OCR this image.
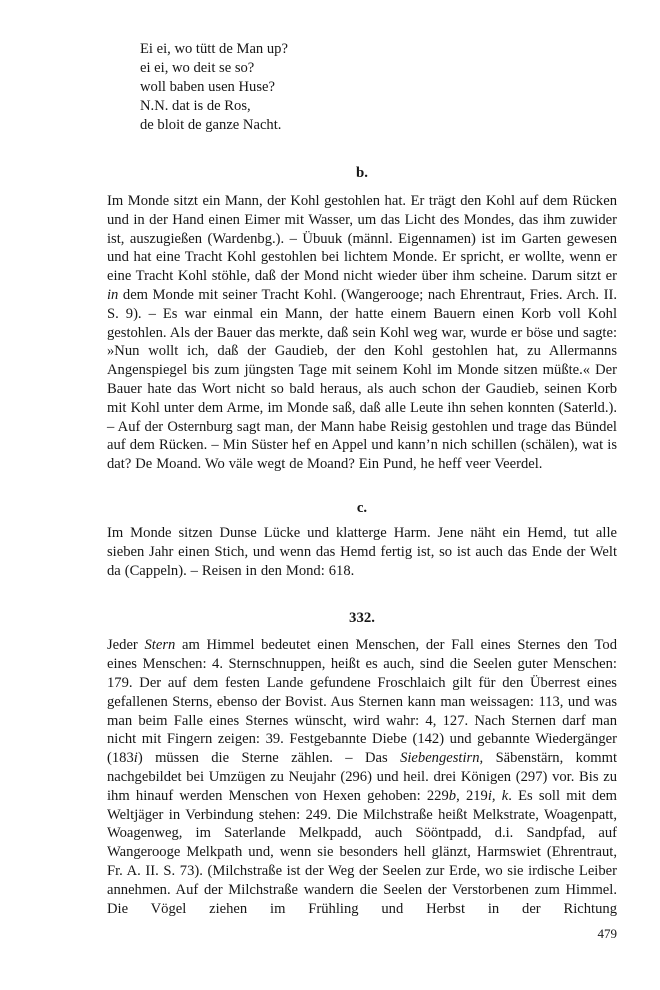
Ei ei, wo tütt de Man up?
ei ei, wo deit se so?
woll baben usen Huse?
N.N. dat is de Ros,
de bloit de ganze Nacht.
b.

Im Monde sitzt ein Mann, der Kohl gestohlen hat. Er trägt den Kohl auf dem Rücken und in der Hand einen Eimer mit Wasser, um das Licht des Mondes, das ihm zuwider ist, auszugießen (Wardenbg.). – Übuuk (männl. Eigennamen) ist im Garten gewesen und hat eine Tracht Kohl gestohlen bei lichtem Monde. Er spricht, er wollte, wenn er eine Tracht Kohl stöhle, daß der Mond nicht wieder über ihm scheine. Darum sitzt er in dem Monde mit seiner Tracht Kohl. (Wangerooge; nach Ehrentraut, Fries. Arch. II. S. 9). – Es war einmal ein Mann, der hatte einem Bauern einen Korb voll Kohl gestohlen. Als der Bauer das merkte, daß sein Kohl weg war, wurde er böse und sagte: »Nun wollt ich, daß der Gaudieb, der den Kohl gestohlen hat, zu Allermanns Angenspiegel bis zum jüngsten Tage mit seinem Kohl im Monde sitzen müßte.« Der Bauer hate das Wort nicht so bald heraus, als auch schon der Gaudieb, seinen Korb mit Kohl unter dem Arme, im Monde saß, daß alle Leute ihn sehen konnten (Saterld.). – Auf der Osternburg sagt man, der Mann habe Reisig gestohlen und trage das Bündel auf dem Rücken. – Min Süster hef en Appel und kann’n nich schillen (schälen), wat is dat? De Moand. Wo väle wegt de Moand? Ein Pund, he heff veer Veerdel.

c.

Im Monde sitzen Dunse Lücke und klatterge Harm. Jene näht ein Hemd, tut alle sieben Jahr einen Stich, und wenn das Hemd fertig ist, so ist auch das Ende der Welt da (Cappeln). – Reisen in den Mond: 618.

332.

Jeder Stern am Himmel bedeutet einen Menschen, der Fall eines Sternes den Tod eines Menschen: 4. Sternschnuppen, heißt es auch, sind die Seelen guter Menschen: 179. Der auf dem festen Lande gefundene Froschlaich gilt für den Überrest eines gefallenen Sterns, ebenso der Bovist. Aus Sternen kann man weissagen: 113, und was man beim Falle eines Sternes wünscht, wird wahr: 4, 127. Nach Sternen darf man nicht mit Fingern zeigen: 39. Festgebannte Diebe (142) und gebannte Wiedergänger (183i) müssen die Sterne zählen. – Das Siebengestirn, Säbenstärn, kommt nachgebildet bei Umzügen zu Neujahr (296) und heil. drei Königen (297) vor. Bis zu ihm hinauf werden Menschen von Hexen gehoben: 229b, 219i, k. Es soll mit dem Weltjäger in Verbindung stehen: 249. Die Milchstraße heißt Melkstrate, Woagenpatt, Woagenweg, im Saterlande Melkpadd, auch Sööntpadd, d.i. Sandpfad, auf Wangerooge Melkpath und, wenn sie besonders hell glänzt, Harmswiet (Ehrentraut, Fr. A. II. S. 73). (Milchstraße ist der Weg der Seelen zur Erde, wo sie irdische Leiber annehmen. Auf der Milchstraße wandern die Seelen der Verstorbenen zum Himmel. Die Vögel ziehen im Frühling und Herbst in der Richtung

479
